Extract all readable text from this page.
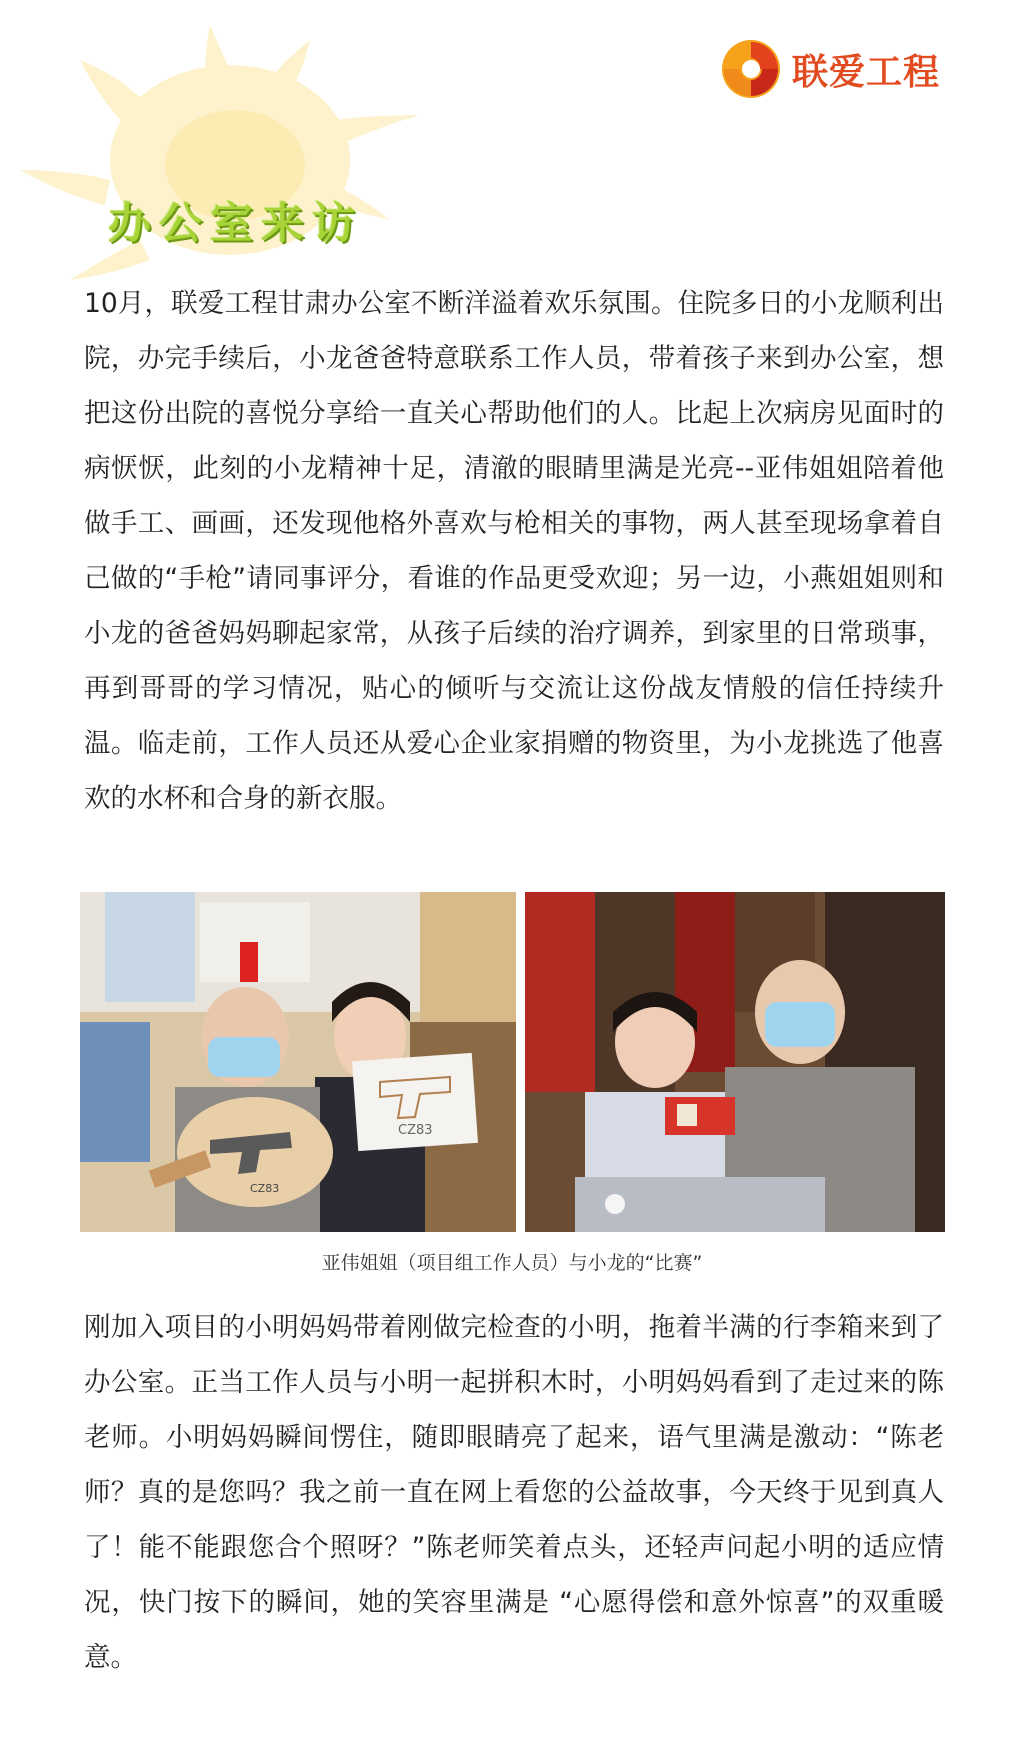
联爱工程
办公室来访

10月，联爱工程甘肃办公室不断洋溢着欢乐氛围。住院多日的小龙顺利出院，办完手续后，小龙爸爸特意联系工作人员，带着孩子来到办公室，想把这份出院的喜悦分享给一直关心帮助他们的人。比起上次病房见面时的病恹恹，此刻的小龙精神十足，清澈的眼睛里满是光亮--亚伟姐姐陪着他做手工、画画，还发现他格外喜欢与枪相关的事物，两人甚至现场拿着自己做的“手枪”请同事评分，看谁的作品更受欢迎；另一边，小燕姐姐则和小龙的爸爸妈妈聊起家常，从孩子后续的治疗调养，到家里的日常琐事，再到哥哥的学习情况，贴心的倾听与交流让这份战友情般的信任持续升温。临走前，工作人员还从爱心企业家捐赠的物资里，为小龙挑选了他喜欢的水杯和合身的新衣服。

CZ83
CZ83
亚伟姐姐（项目组工作人员）与小龙的“比赛”

刚加入项目的小明妈妈带着刚做完检查的小明，拖着半满的行李箱来到了办公室。正当工作人员与小明一起拼积木时，小明妈妈看到了走过来的陈老师。小明妈妈瞬间愣住，随即眼睛亮了起来，语气里满是激动：“陈老师？真的是您吗？我之前一直在网上看您的公益故事，今天终于见到真人了！能不能跟您合个照呀？”陈老师笑着点头，还轻声问起小明的适应情况，快门按下的瞬间，她的笑容里满是 “心愿得偿和意外惊喜”的双重暖意。
